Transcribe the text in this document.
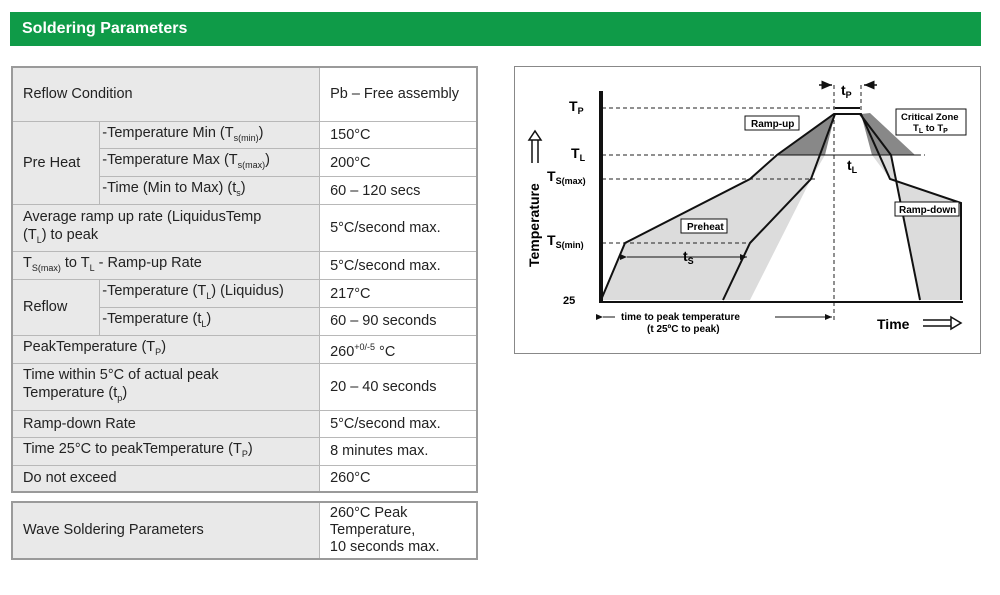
Soldering Parameters
Reflow Condition		Pb – Free assembly
Pre Heat	-Temperature Min $(T_{s(min)})$	150°C
	-Temperature Max $(T_{s(max)})$	200°C
	-Time (Min to Max) $(t_s)$	60 – 120 secs
Average ramp up rate (LiquidusTemp
$(T_L)$ to peak		5°C/second max.
$T_{S(max)}$ to $T_L$ - Ramp-up Rate		5°C/second max.
Reflow	-Temperature $(T_L)$ (Liquidus)	217°C
	-Temperature $(t_L)$	60 – 90 seconds
PeakTemperature $(T_P)$		$260^{+0/-5}$ °C
Time within 5°C of actual peak
Temperature $(t_p)$		20 – 40 seconds
Ramp-down Rate		5°C/second max.
Time 25°C to peakTemperature $(T_P)$		8 minutes max.
Do not exceed		260°C
Wave Soldering Parameters	260°C Peak
Temperature,
10 seconds max.
$T_P$
$T_L$
$T_{S(max)}$
$T_{S(min)}$
25
Temperature
$t_P$
$t_L$
$t_S$
Ramp-up
Preheat
Ramp-down
Critical Zone
$T_L$ to $T_P$
time to peak temperature
(t 25ºC to peak)	Time
